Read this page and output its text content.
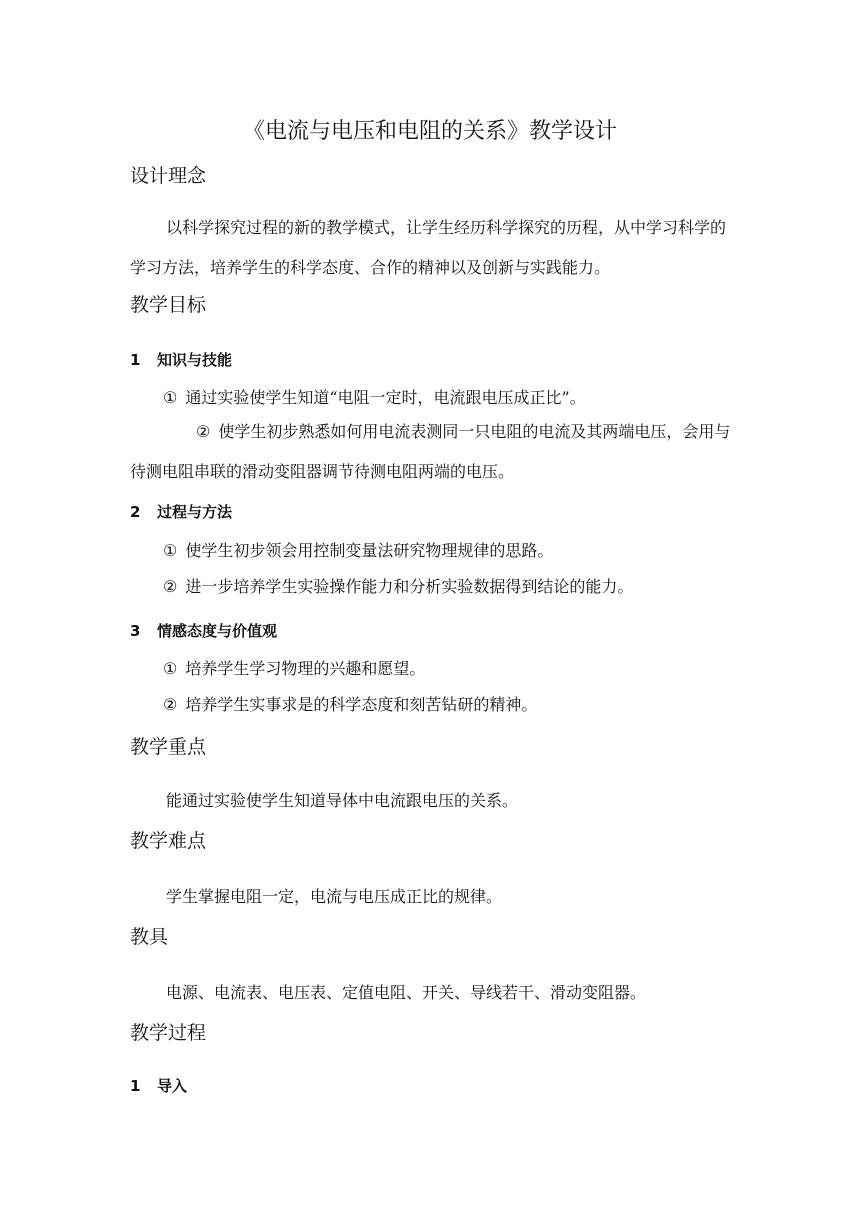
《电流与电压和电阻的关系》教学设计
设计理念
以科学探究过程的新的教学模式，让学生经历科学探究的历程，从中学习科学的学习方法，培养学生的科学态度、合作的精神以及创新与实践能力。
教学目标
1 知识与技能
① 通过实验使学生知道“电阻一定时，电流跟电压成正比”。
② 使学生初步熟悉如何用电流表测同一只电阻的电流及其两端电压，会用与待测电阻串联的滑动变阻器调节待测电阻两端的电压。
2 过程与方法
① 使学生初步领会用控制变量法研究物理规律的思路。
② 进一步培养学生实验操作能力和分析实验数据得到结论的能力。
3 情感态度与价值观
① 培养学生学习物理的兴趣和愿望。
② 培养学生实事求是的科学态度和刻苦钻研的精神。
教学重点
能通过实验使学生知道导体中电流跟电压的关系。
教学难点
学生掌握电阻一定，电流与电压成正比的规律。
教具
电源、电流表、电压表、定值电阻、开关、导线若干、滑动变阻器。
教学过程
1 导入
